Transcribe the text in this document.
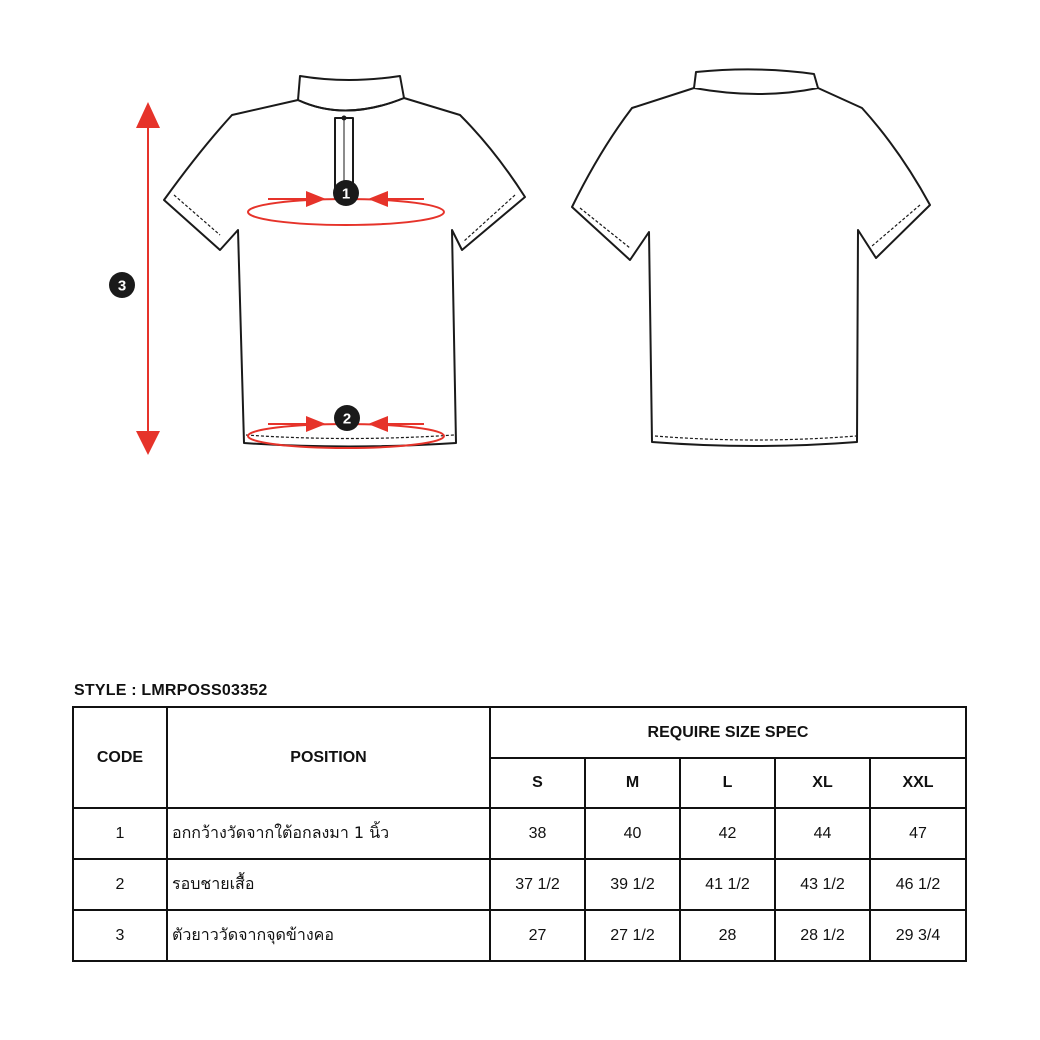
1
2
3
STYLE : LMRPOSS03352
CODE	POSITION	REQUIRE SIZE SPEC				
		S	M	L	XL	XXL
1	อกกว้างวัดจากใต้อกลงมา 1 นิ้ว	38	40	42	44	47
2	รอบชายเสื้อ	37 1/2	39 1/2	41 1/2	43 1/2	46 1/2
3	ตัวยาววัดจากจุดข้างคอ	27	27 1/2	28	28 1/2	29 3/4
